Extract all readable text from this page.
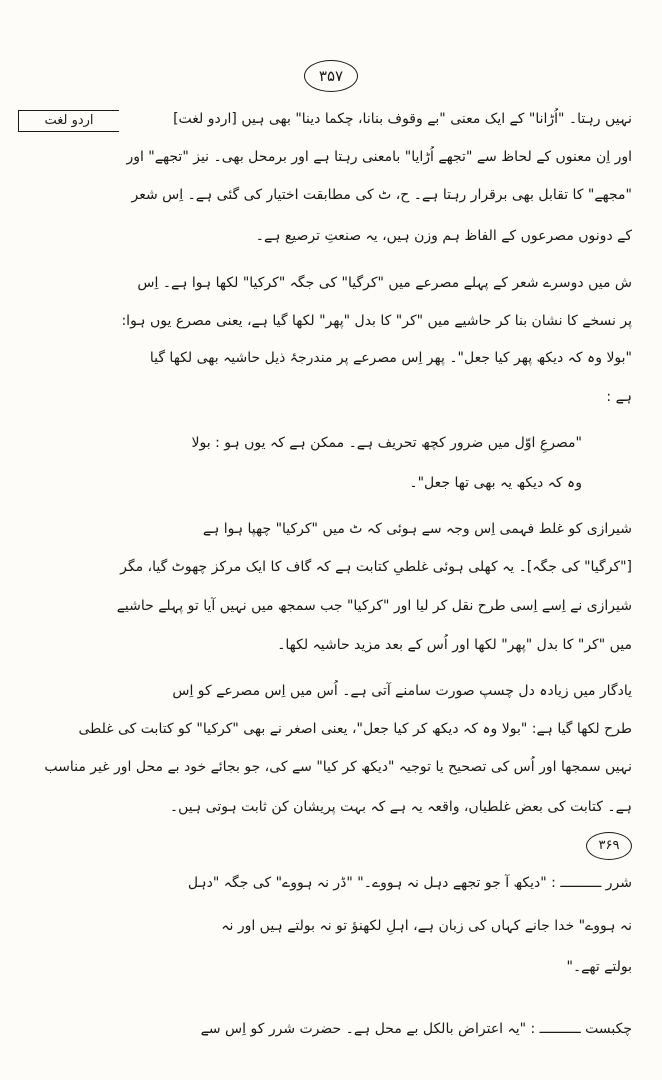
۳۵۷
اردو لغت	نہیں رہتا۔ "اُڑانا" کے ایک معنی "بے وقوف بنانا، چکما دینا" بھی ہیں [اردو لغت]
اور اِن معنوں کے لحاظ سے "تجھے اُڑایا" بامعنی رہتا ہے اور برمحل بھی۔ نیز "تجھے" اور
"مجھے" کا تقابل بھی برقرار رہتا ہے۔ ح، ٹ کی مطابقت اختیار کی گئی ہے۔ اِس شعر
کے دونوں مصرعوں کے الفاظ ہم وزن ہیں، یہ صنعتِ ترصیع ہے۔
ش میں دوسرے شعر کے پہلے مصرعے میں "کرگیا" کی جگہ "کرکیا" لکھا ہوا ہے۔ اِس
پر نسخے کا نشان بنا کر حاشیے میں "کر" کا بدل "پھر" لکھا گیا ہے، یعنی مصرع یوں ہوا:
"بولا وہ کہ دیکھ پھر کیا جعل"۔ پھر اِس مصرعے پر مندرجۂ ذیل حاشیہ بھی لکھا گیا
ہے :
"مصرعِ اوّل میں ضرور کچھ تحریف ہے۔ ممکن ہے کہ یوں ہو : بولا
وہ کہ دیکھ یہ بھی تھا جعل"۔
شیرازی کو غلط فہمی اِس وجہ سے ہوئی کہ ٹ میں "کرکیا" چھپا ہوا ہے
["کرگیا" کی جگہ]۔ یہ کھلی ہوئی غلطیِ کتابت ہے کہ گاف کا ایک مرکز چھوٹ گیا، مگر
شیرازی نے اِسے اِسی طرح نقل کر لیا اور "کرکیا" جب سمجھ میں نہیں آیا تو پہلے حاشیے
میں "کر" کا بدل "پھر" لکھا اور اُس کے بعد مزید حاشیہ لکھا۔
یادگار میں زیادہ دل چسپ صورت سامنے آتی ہے۔ اُس میں اِس مصرعے کو اِس
طرح لکھا گیا ہے: "بولا وہ کہ دیکھ کر کیا جعل"، یعنی اصغر نے بھی "کرکیا" کو کتابت کی غلطی
نہیں سمجھا اور اُس کی تصحیح یا توجیہ "دیکھ کر کیا" سے کی، جو بجائے خود بے محل اور غیر مناسب
ہے۔ کتابت کی بعض غلطیاں، واقعہ یہ ہے کہ بہت پریشان کن ثابت ہوتی ہیں۔
۳۶۹
شرر ــــــــــ : "دیکھ آ جو تجھے دہل نہ ہووے۔" "ڈر نہ ہووے" کی جگہ "دہل
نہ ہووے" خدا جانے کہاں کی زبان ہے، اہلِ لکھنؤ تو نہ بولتے ہیں اور نہ
بولتے تھے۔"
چکبست ــــــــــ : "یہ اعتراض بالکل بے محل ہے۔ حضرت شرر کو اِس سے
